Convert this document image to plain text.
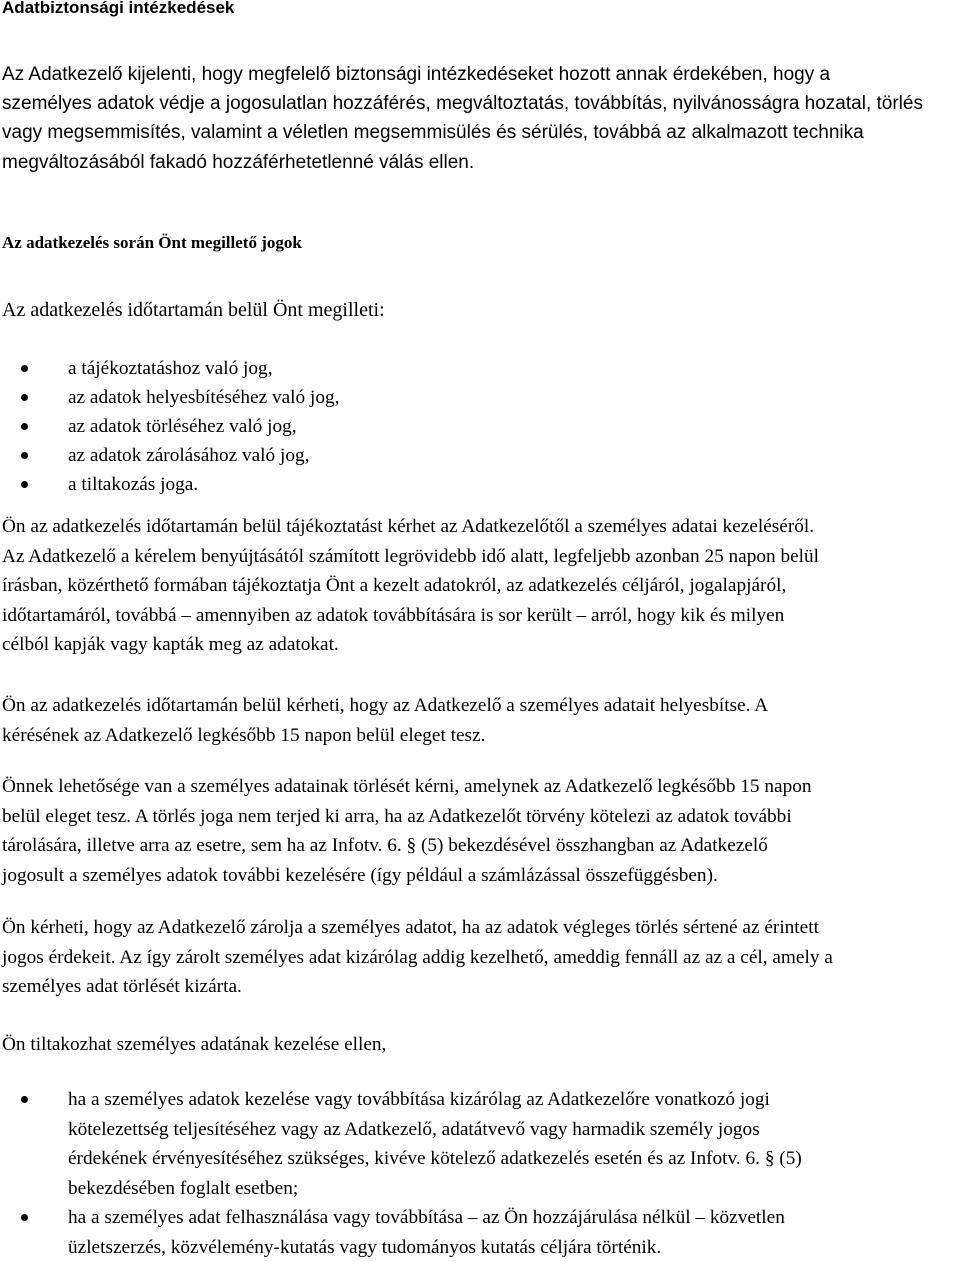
Adatbiztonsági intézkedések

Az Adatkezelő kijelenti, hogy megfelelő biztonsági intézkedéseket hozott annak érdekében, hogy a
személyes adatok védje a jogosulatlan hozzáférés, megváltoztatás, továbbítás, nyilvánosságra hozatal, törlés
vagy megsemmisítés, valamint a véletlen megsemmisülés és sérülés, továbbá az alkalmazott technika
megváltozásából fakadó hozzáférhetetlenné válás ellen.

Az adatkezelés során Önt megillető jogok

Az adatkezelés időtartamán belül Önt megilleti:

a tájékoztatáshoz való jog,
az adatok helyesbítéséhez való jog,
az adatok törléséhez való jog,
az adatok zárolásához való jog,
a tiltakozás joga.

Ön az adatkezelés időtartamán belül tájékoztatást kérhet az Adatkezelőtől a személyes adatai kezeléséről.
Az Adatkezelő a kérelem benyújtásától számított legrövidebb idő alatt, legfeljebb azonban 25 napon belül
írásban, közérthető formában tájékoztatja Önt a kezelt adatokról, az adatkezelés céljáról, jogalapjáról,
időtartamáról, továbbá – amennyiben az adatok továbbítására is sor került – arról, hogy kik és milyen
célból kapják vagy kapták meg az adatokat.

Ön az adatkezelés időtartamán belül kérheti, hogy az Adatkezelő a személyes adatait helyesbítse. A
kérésének az Adatkezelő legkésőbb 15 napon belül eleget tesz.

Önnek lehetősége van a személyes adatainak törlését kérni, amelynek az Adatkezelő legkésőbb 15 napon
belül eleget tesz. A törlés joga nem terjed ki arra, ha az Adatkezelőt törvény kötelezi az adatok további
tárolására, illetve arra az esetre, sem ha az Infotv. 6. § (5) bekezdésével összhangban az Adatkezelő
jogosult a személyes adatok további kezelésére (így például a számlázással összefüggésben).

Ön kérheti, hogy az Adatkezelő zárolja a személyes adatot, ha az adatok végleges törlés sértené az érintett
jogos érdekeit. Az így zárolt személyes adat kizárólag addig kezelhető, ameddig fennáll az az a cél, amely a
személyes adat törlését kizárta.

Ön tiltakozhat személyes adatának kezelése ellen,

ha a személyes adatok kezelése vagy továbbítása kizárólag az Adatkezelőre vonatkozó jogi
kötelezettség teljesítéséhez vagy az Adatkezelő, adatátvevő vagy harmadik személy jogos
érdekének érvényesítéséhez szükséges, kivéve kötelező adatkezelés esetén és az Infotv. 6. § (5)
bekezdésében foglalt esetben;
ha a személyes adat felhasználása vagy továbbítása – az Ön hozzájárulása nélkül – közvetlen
üzletszerzés, közvélemény-kutatás vagy tudományos kutatás céljára történik.
